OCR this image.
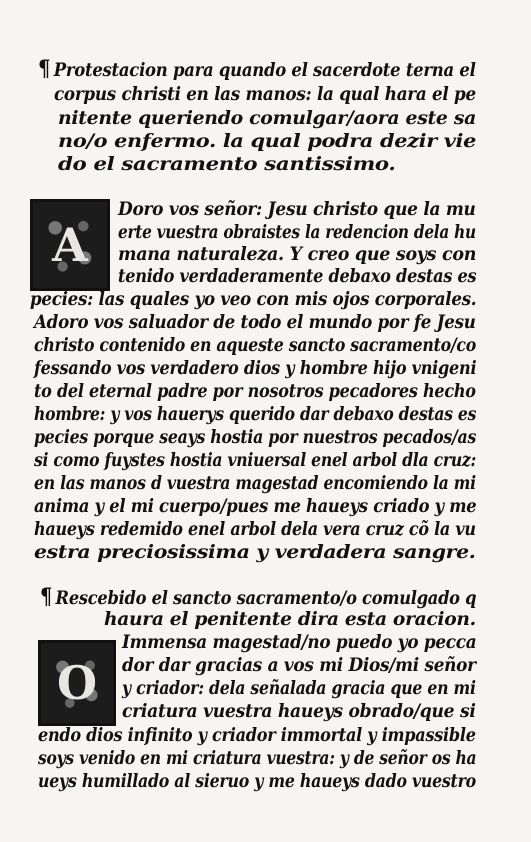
¶ Protestacion para quando el sacerdote terna el
corpus christi en las manos: la qual hara el pe
nitente queriendo comulgar/aora este sa
no/o enfermo. la qual podra dezir vie
do el sacramento santissimo.
A
Doro vos señor: Jesu christo que la mu
erte vuestra obraistes la redencion dela hu
mana naturaleza. Y creo que soys con
tenido verdaderamente debaxo destas es
pecies: las quales yo veo con mis ojos corporales.
Adoro vos saluador de todo el mundo por fe Jesu
christo contenido en aqueste sancto sacramento/co
fessando vos verdadero dios y hombre hijo vnigeni
to del eternal padre por nosotros pecadores hecho
hombre: y vos hauerys querido dar debaxo destas es
pecies porque seays hostia por nuestros pecados/as
si como fuystes hostia vniuersal enel arbol dla cruz:
en las manos d vuestra magestad encomiendo la mi
anima y el mi cuerpo/pues me haueys criado y me
haueys redemido enel arbol dela vera cruz cõ la vu
estra preciosissima y verdadera sangre.
¶ Rescebido el sancto sacramento/o comulgado q
haura el penitente dira esta oracion.
O
Immensa magestad/no puedo yo pecca
dor dar gracias a vos mi Dios/mi señor
y criador: dela señalada gracia que en mi
criatura vuestra haueys obrado/que si
endo dios infinito y criador immortal y impassible
soys venido en mi criatura vuestra: y de señor os ha
ueys humillado al sieruo y me haueys dado vuestro
